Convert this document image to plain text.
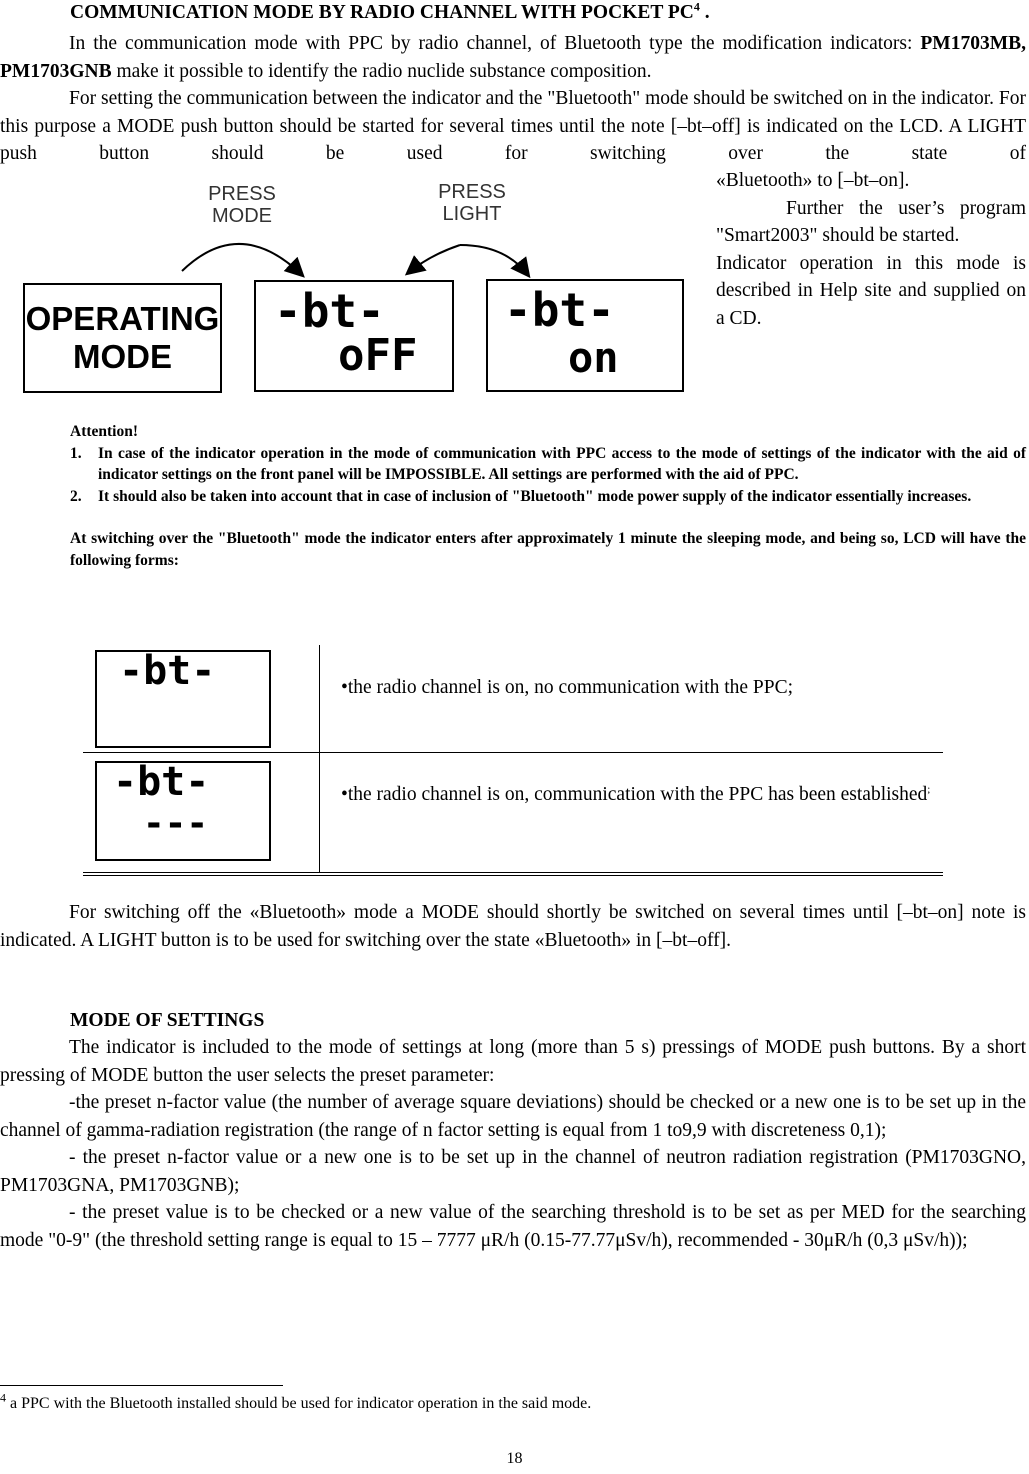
COMMUNICATION MODE BY RADIO CHANNEL WITH POCKET $PC^4$ .

In the communication mode with PPC by radio channel, of Bluetooth type the modification indicators: PM1703MB, PM1703GNB make it possible to identify the radio nuclide substance composition.

For setting the communication between the indicator and the "Bluetooth" mode should be switched on in the indicator. For this purpose a MODE push button should be started for several times until the note [–bt–off] is indicated on the LCD. A LIGHT push button should be used for switching over the state of

«Bluetooth» to [–bt–on].

Further the user’s program "Smart2003" should be started.

Indicator operation in this mode is described in Help site and supplied on a CD.

PRESS
MODE
PRESS
LIGHT
OPERATING
MODE
-bt-
oFF
-bt-
on
Attention!
1. In case of the indicator operation in the mode of communication with PPC access to the mode of settings of the indicator with the aid of indicator settings on the front panel will be IMPOSSIBLE. All settings are performed with the aid of PPC.
2. It should also be taken into account that in case of inclusion of "Bluetooth" mode power supply of the indicator essentially increases.
At switching over the "Bluetooth" mode the indicator enters after approximately 1 minute the sleeping mode, and being so, LCD will have the following forms:
-bt-	•the radio channel is on, no communication with the PPC;
-bt-
---
•the radio channel is on, communication with the PPC has been established;

For switching off the «Bluetooth» mode a MODE should shortly be switched on several times until [–bt–on] note is indicated. A LIGHT button is to be used for switching over the state «Bluetooth» in [–bt–off].

MODE OF SETTINGS

The indicator is included to the mode of settings at long (more than 5 s) pressings of MODE push buttons. By a short pressing of MODE button the user selects the preset parameter:

-the preset n-factor value (the number of average square deviations) should be checked or a new one is to be set up in the channel of gamma-radiation registration (the range of n factor setting is equal from 1 to9,9 with discreteness 0,1);

- the preset n-factor value or a new one is to be set up in the channel of neutron radiation registration (PM1703GNO, PM1703GNA, PM1703GNB);

- the preset value is to be checked or a new value of the searching threshold is to be set as per MED for the searching mode "0-9" (the threshold setting range is equal to 15 – 7777 μR/h (0.15-77.77μSv/h), recommended - 30μR/h (0,3 μSv/h));

$^4$ a PPC with the Bluetooth installed should be used for indicator operation in the said mode.
18
